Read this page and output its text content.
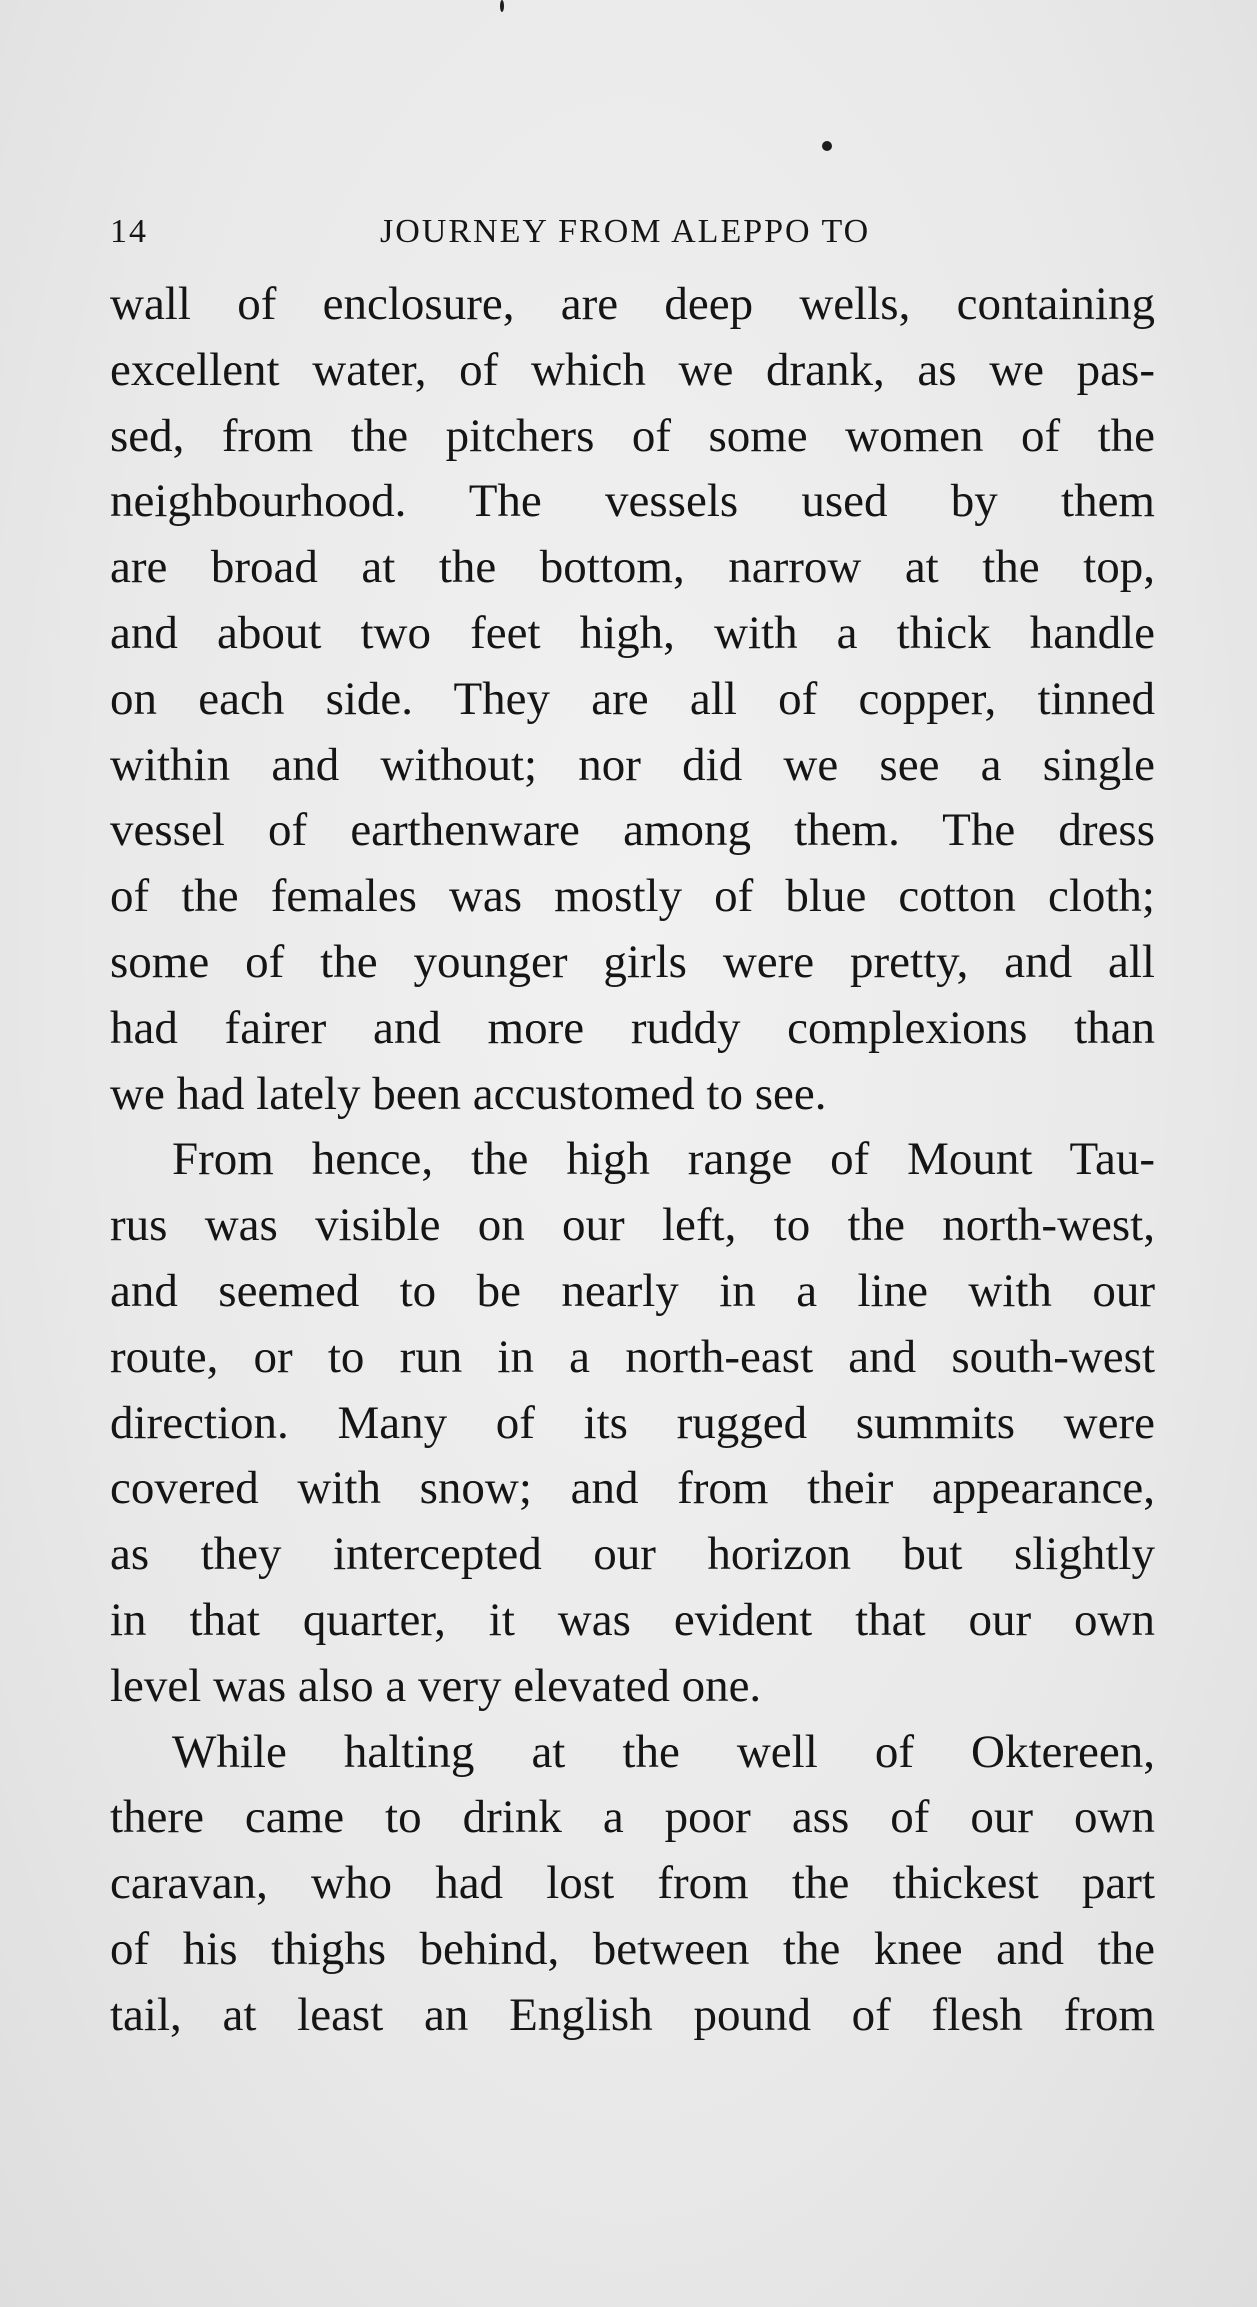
14	JOURNEY FROM ALEPPO TO
wall of enclosure, are deep wells, containing
excellent water, of which we drank, as we pas-
sed, from the pitchers of some women of the
neighbourhood. The vessels used by them
are broad at the bottom, narrow at the top,
and about two feet high, with a thick handle
on each side. They are all of copper, tinned
within and without; nor did we see a single
vessel of earthenware among them. The dress
of the females was mostly of blue cotton cloth;
some of the younger girls were pretty, and all
had fairer and more ruddy complexions than
we had lately been accustomed to see.
From hence, the high range of Mount Tau-
rus was visible on our left, to the north-west,
and seemed to be nearly in a line with our
route, or to run in a north-east and south-west
direction. Many of its rugged summits were
covered with snow; and from their appearance,
as they intercepted our horizon but slightly
in that quarter, it was evident that our own
level was also a very elevated one.
While halting at the well of Oktereen,
there came to drink a poor ass of our own
caravan, who had lost from the thickest part
of his thighs behind, between the knee and the
tail, at least an English pound of flesh from
